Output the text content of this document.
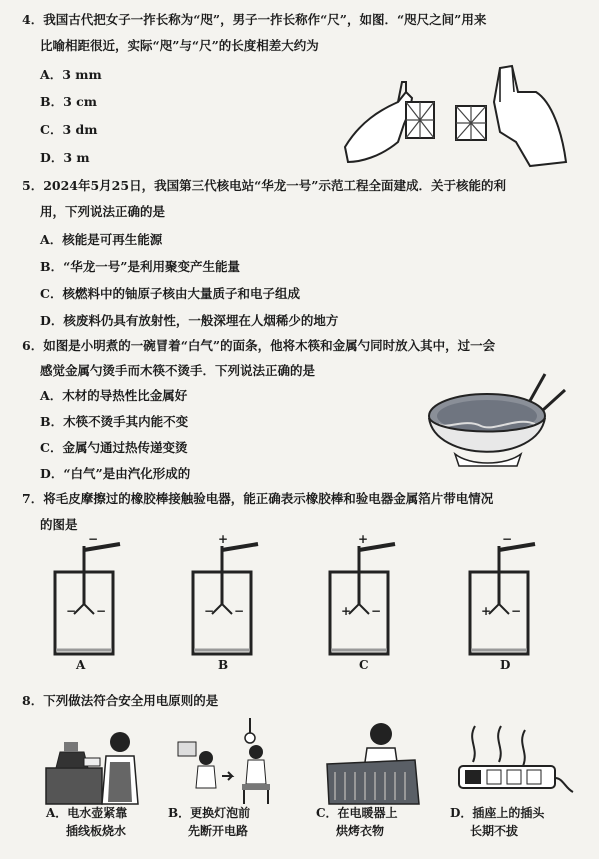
4．我国古代把女子一拃长称为“咫”，男子一拃长称作“尺”，如图．“咫尺之间”用来
比喻相距很近，实际“咫”与“尺”的长度相差大约为
A．3 mm
B．3 cm
C．3 dm
D．3 m
5．2024年5月25日，我国第三代核电站“华龙一号”示范工程全面建成．关于核能的利
用，下列说法正确的是
A．核能是可再生能源
B．“华龙一号”是利用聚变产生能量
C．核燃料中的铀原子核由大量质子和电子组成
D．核废料仍具有放射性，一般深埋在人烟稀少的地方
6．如图是小明煮的一碗冒着“白气”的面条，他将木筷和金属勺同时放入其中，过一会
感觉金属勺烫手而木筷不烫手．下列说法正确的是
A．木材的导热性比金属好
B．木筷不烫手其内能不变
C．金属勺通过热传递变烫
D．“白气”是由汽化形成的
7．将毛皮摩擦过的橡胶棒接触验电器，能正确表示橡胶棒和验电器金属箔片带电情况
的图是
−
− −
A
+
− −
B
+
+ −
C
−
+ −
D
8．下列做法符合安全用电原则的是
A．电水壶紧靠
插线板烧水
B．更换灯泡前
先断开电路
C．在电暖器上
烘烤衣物
D．插座上的插头
长期不拔
